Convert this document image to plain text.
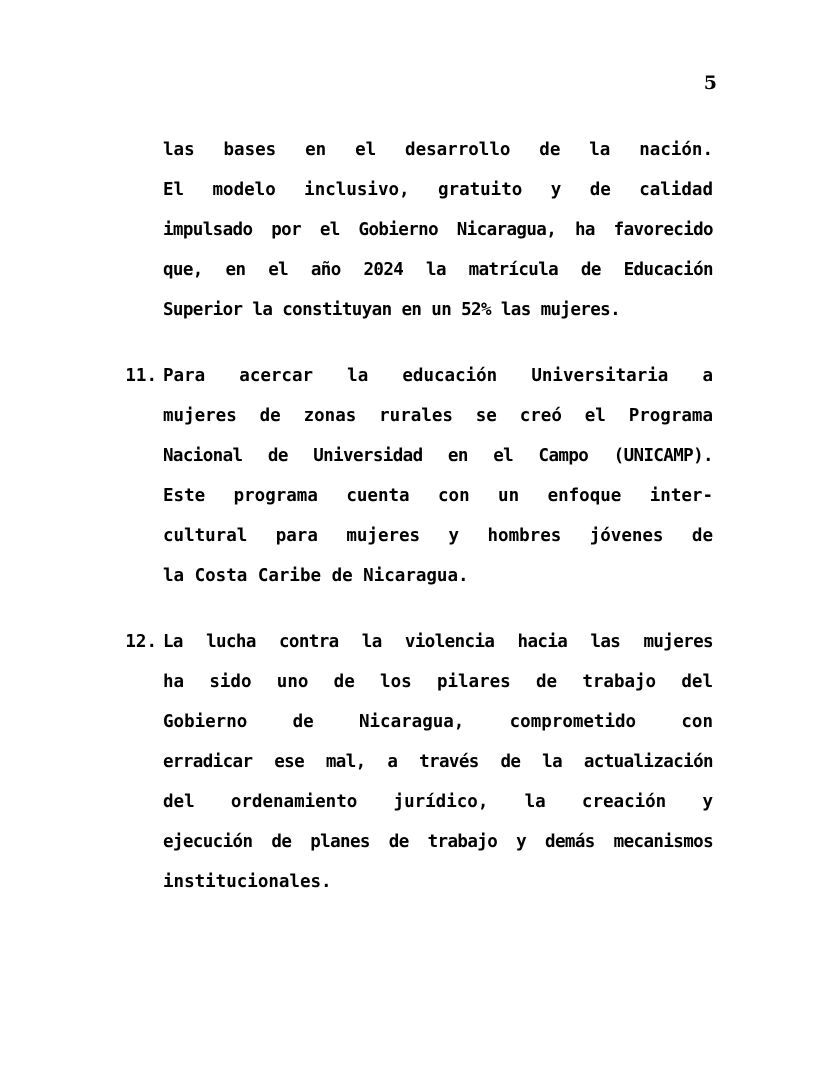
5
las bases en el desarrollo de la nación.
El modelo inclusivo, gratuito y de calidad
impulsado por el Gobierno Nicaragua, ha favorecido
que, en el año 2024 la matrícula de Educación
Superior la constituyan en un 52% las mujeres.
11. Para acercar la educación Universitaria a
mujeres de zonas rurales se creó el Programa
Nacional de Universidad en el Campo (UNICAMP).
Este programa cuenta con un enfoque inter-
cultural para mujeres y hombres jóvenes de
la Costa Caribe de Nicaragua.
12. La lucha contra la violencia hacia las mujeres
ha sido uno de los pilares de trabajo del
Gobierno de Nicaragua, comprometido con
erradicar ese mal, a través de la actualización
del ordenamiento jurídico, la creación y
ejecución de planes de trabajo y demás mecanismos
institucionales.
